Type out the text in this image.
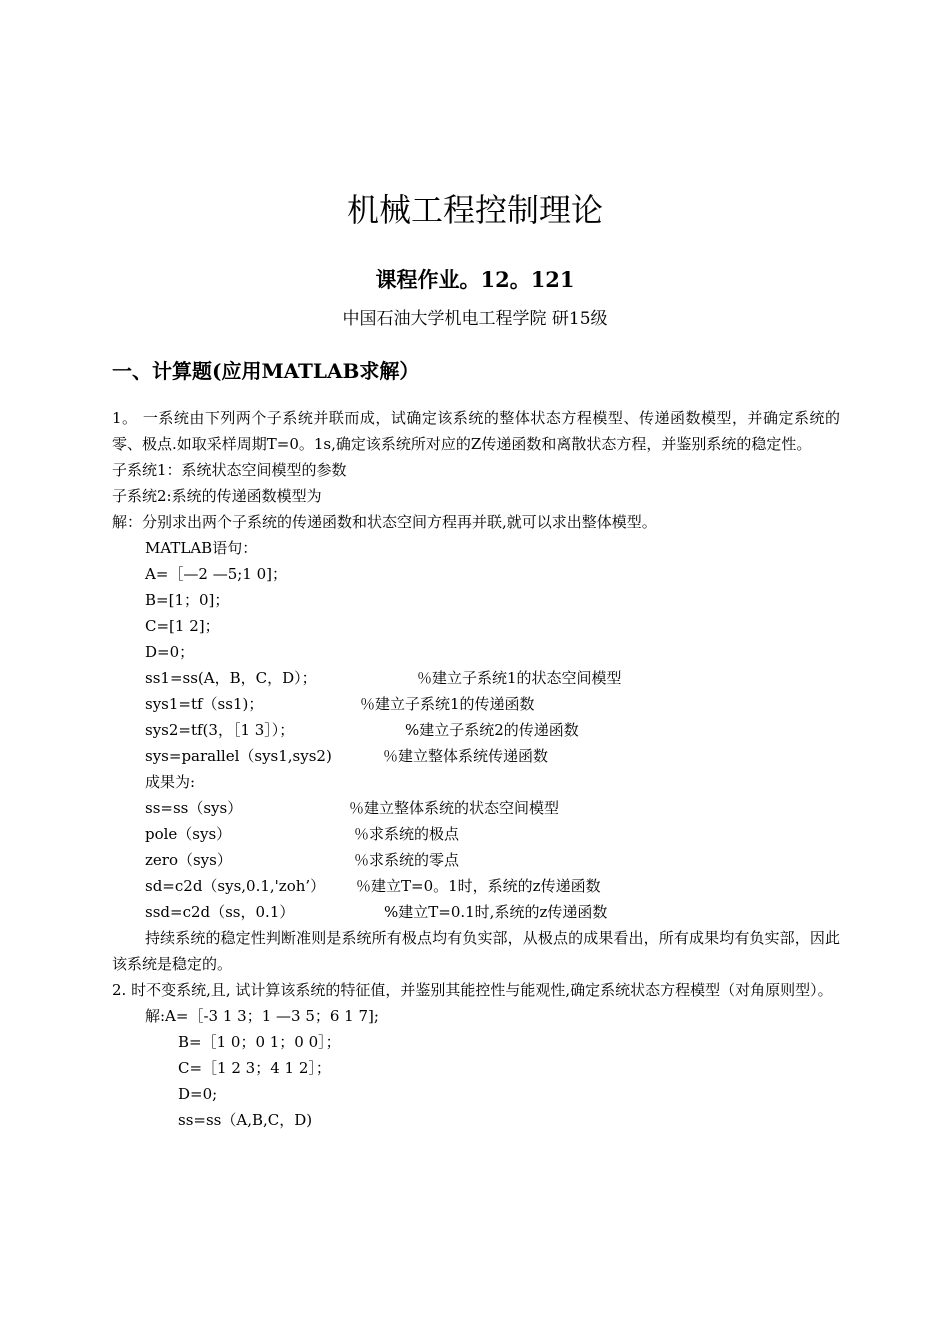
机械工程控制理论
课程作业。12。121
中国石油大学机电工程学院 研15级
一、计算题(应用MATLAB求解）

1。 一系统由下列两个子系统并联而成，试确定该系统的整体状态方程模型、传递函数模型，并确定系统的零、极点.如取采样周期T=0。1s,确定该系统所对应的Z传递函数和离散状态方程，并鉴别系统的稳定性。

子系统1：系统状态空间模型的参数
子系统2:系统的传递函数模型为
解：分别求出两个子系统的传递函数和状态空间方程再并联,就可以求出整体模型。
MATLAB语句：
A=［—2 —5;1 0]；
B=[1；0]；
C=[1 2]；
D=0；
ss1=ss(A，B，C，D）；	％建立子系统1的状态空间模型
sys1=tf（ss1)；	％建立子系统1的传递函数
sys2=tf(3，［1 3］）；	%建立子系统2的传递函数
sys=parallel（sys1,sys2)	％建立整体系统传递函数
成果为:
ss=ss（sys）	％建立整体系统的状态空间模型
pole（sys）	％求系统的极点
zero（sys）	％求系统的零点
sd=c2d（sys,0.1,'zoh’） ％建立T=0。1时，系统的z传递函数
ssd=c2d（ss，0.1）	%建立T=0.1时,系统的z传递函数

持续系统的稳定性判断准则是系统所有极点均有负实部，从极点的成果看出，所有成果均有负实部，因此该系统是稳定的。

2. 时不变系统,且, 试计算该系统的特征值，并鉴别其能控性与能观性,确定系统状态方程模型（对角原则型）。

解:A=［-3 1 3；1 —3 5；6 1 7];
B=［1 0；0 1；0 0］；
C=［1 2 3；4 1 2］；
D=0;
ss=ss（A,B,C，D)
